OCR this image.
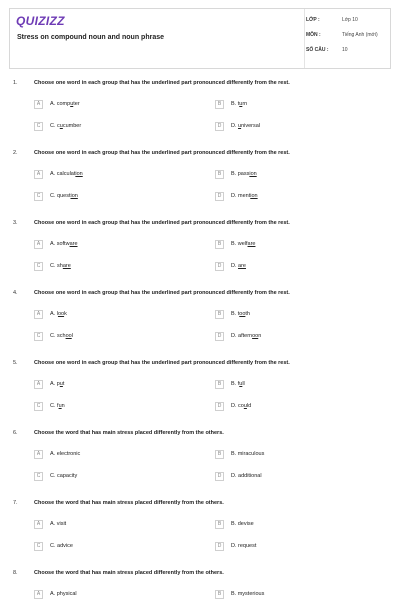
QUIZIZZ
Stress on compound noun and noun phrase
LỚP :	Lớp 10
MÔN :	Tiếng Anh (mới)
SỐ CÂU :	10
1.	Choose one word in each group that has the underlined part pronounced differently from the rest.
A	A. computer	B	B. turn
C	C. cucumber	D	D. universal
2.	Choose one word in each group that has the underlined part pronounced differently from the rest.
A	A. calculation	B	B. passion
C	C. question	D	D. mention
3.	Choose one word in each group that has the underlined part pronounced differently from the rest.
A	A. software	B	B. welfare
C	C. share	D	D. are
4.	Choose one word in each group that has the underlined part pronounced differently from the rest.
A	A. look	B	B. tooth
C	C. school	D	D. afternoon
5.	Choose one word in each group that has the underlined part pronounced differently from the rest.
A	A. put	B	B. full
C	C. fun	D	D. could
6.	Choose the word that has main stress placed differently from the others.
A	A. electronic	B	B. miraculous
C	C. capacity	D	D. additional
7.	Choose the word that has main stress placed differently from the others.
A	A. visit	B	B. devise
C	C. advice	D	D. request
8.	Choose the word that has main stress placed differently from the others.
A	A. physical	B	B. mysterious
